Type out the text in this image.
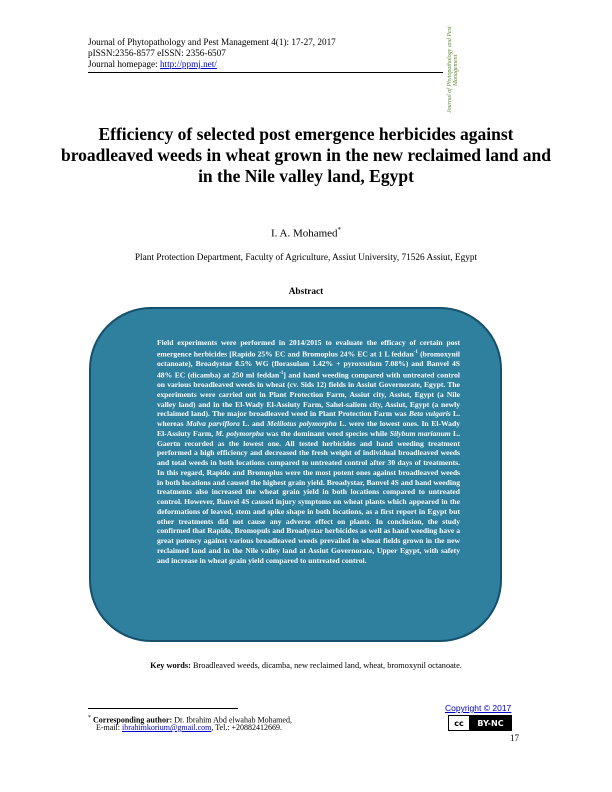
Journal of Phytopathology and Pest Management 4(1): 17-27, 2017
pISSN:2356-8577 eISSN: 2356-6507
Journal homepage: http://ppmj.net/	Journal of Phytopathology and Pest Management
Efficiency of selected post emergence herbicides against broadleaved weeds in wheat grown in the new reclaimed land and in the Nile valley land, Egypt
I. A. Mohamed*
Plant Protection Department, Faculty of Agriculture, Assiut University, 71526 Assiut, Egypt
Abstract

Field experiments were performed in 2014/2015 to evaluate the efficacy of certain post emergence herbicides [Rapido 25% EC and Bromoplus 24% EC at 1 L feddan$^{-1}$ (bromoxynil octanoate), Broadystar 8.5% WG (florasulam 1.42% + pyroxsulam 7.08%) and Banvel 4S 48% EC (dicamba) at 250 ml feddan$^{-1}$] and hand weeding compared with untreated control on various broadleaved weeds in wheat (cv. Sids 12) fields in Assiut Governorate, Egypt. The experiments were carried out in Plant Protection Farm, Assiut city, Assiut, Egypt (a Nile valley land) and in the El-Wady El-Assiuty Farm, Sahel-saliem city, Assiut, Egypt (a newly reclaimed land). The major broadleaved weed in Plant Protection Farm was Beta vulgaris L. whereas Malva parviflora L. and Melilotus polymorpha L. were the lowest ones. In El-Wady El-Assiuty Farm, M. polymorpha was the dominant weed species while Silybum marianum L. Gaertn recorded as the lowest one. All tested herbicides and hand weeding treatment performed a high efficiency and decreased the fresh weight of individual broadleaved weeds and total weeds in both locations compared to untreated control after 30 days of treatments. In this regard, Rapido and Bromoplus were the most potent ones against broadleaved weeds in both locations and caused the highest grain yield. Broadystar, Banvel 4S and hand weeding treatments also increased the wheat grain yield in both locations compared to untreated control. However, Banvel 4S caused injury symptoms on wheat plants which appeared in the deformations of leaved, stem and spike shape in both locations, as a first report in Egypt but other treatments did not cause any adverse effect on plants. In conclusion, the study confirmed that Rapido, Bromopuls and Broadystar herbicides as well as hand weeding have a great potency against various broadleaved weeds prevailed in wheat fields grown in the new reclaimed land and in the Nile valley land at Assiut Governorate, Upper Egypt, with safety and increase in wheat grain yield compared to untreated control.

Key words: Broadleaved weeds, dicamba, new reclaimed land, wheat, bromoxynil octanoate.
* Corresponding author: Dr. Ibrahim Abd elwahab Mohamed,
E-mail: ibrahimkorium@gmail.com, Tel.: +20882412669.
Copyright © 2017
cc	BY-NC
17
